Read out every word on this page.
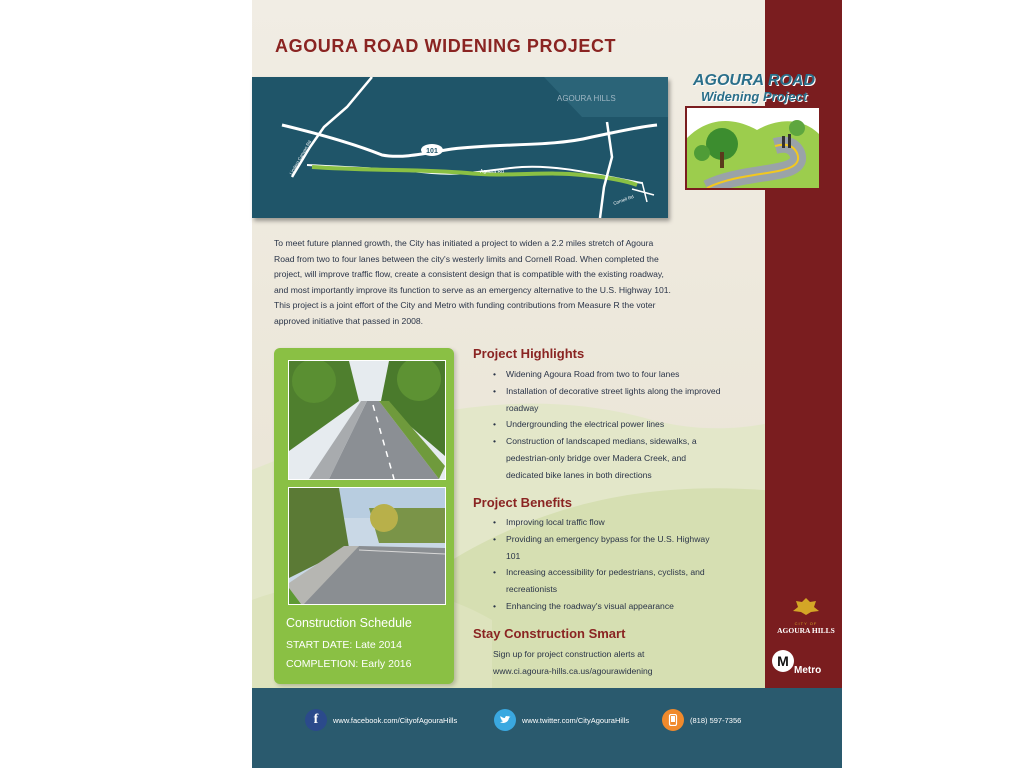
AGOURA ROAD WIDENING PROJECT
AGOURA HILLS
101
Agoura Rd
Lindero Canyon Rd
Cornell Rd
AGOURA ROAD
Widening Project

To meet future planned growth, the City has initiated a project to widen a 2.2 miles stretch of Agoura Road from two to four lanes between the city's westerly limits and Cornell Road. When completed the project, will improve traffic flow, create a consistent design that is compatible with the existing roadway, and most importantly improve its function to serve as an emergency alternative to the U.S. Highway 101. This project is a joint effort of the City and Metro with funding contributions from Measure R the voter approved initiative that passed in 2008.

Construction Schedule

START DATE: Late 2014
COMPLETION: Early 2016
Project Highlights
• Widening Agoura Road from two to four lanes
• Installation of decorative street lights along the improved roadway
• Undergrounding the electrical power lines
• Construction of landscaped medians, sidewalks, a pedestrian-only bridge over Madera Creek, and dedicated bike lanes in both directions
Project Benefits
• Improving local traffic flow
• Providing an emergency bypass for the U.S. Highway 101
• Increasing accessibility for pedestrians, cyclists, and recreationists
• Enhancing the roadway's visual appearance
Stay Construction Smart
Sign up for project construction alerts at
www.ci.agoura-hills.ca.us/agourawidening
CITY OF
AGOURA HILLS
M
Metro
f	www.facebook.com/CityofAgouraHills	www.twitter.com/CityAgouraHills	(818) 597-7356
